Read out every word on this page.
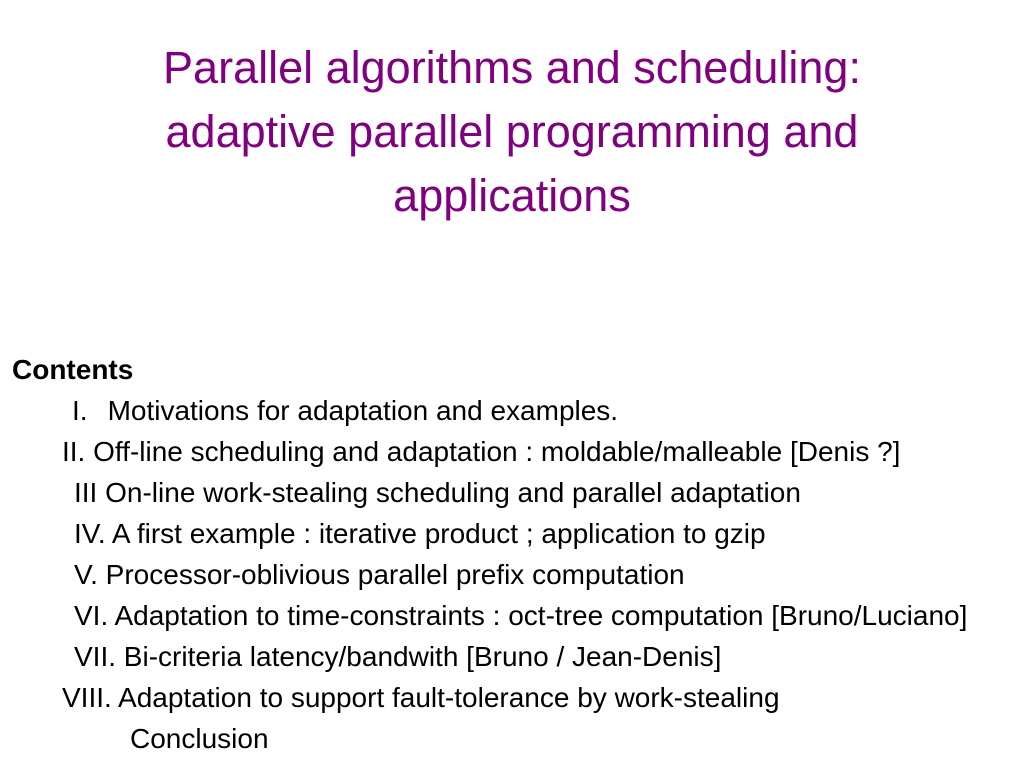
Parallel algorithms and scheduling:
adaptive parallel programming and
applications
Contents
I. Motivations for adaptation and examples.
II. Off-line scheduling and adaptation : moldable/malleable [Denis ?]
III On-line work-stealing scheduling and parallel adaptation
IV. A first example : iterative product ; application to gzip
V. Processor-oblivious parallel prefix computation
VI. Adaptation to time-constraints : oct-tree computation [Bruno/Luciano]
VII. Bi-criteria latency/bandwith [Bruno / Jean-Denis]
VIII. Adaptation to support fault-tolerance by work-stealing
Conclusion
